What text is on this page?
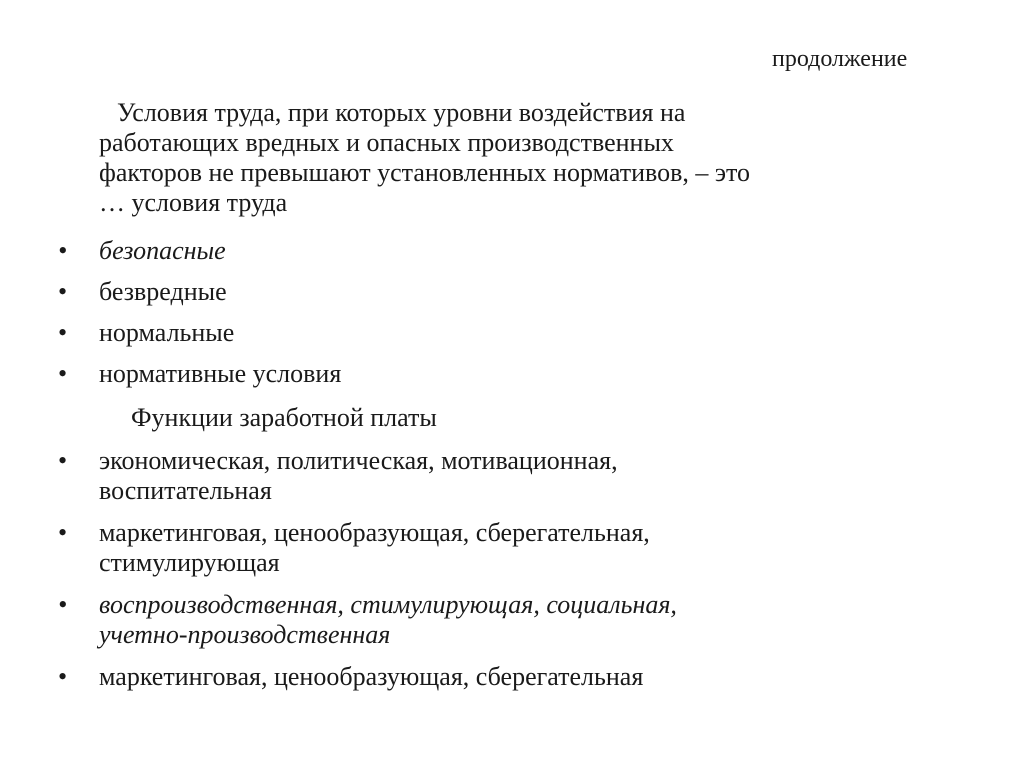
продолжение
Условия труда, при которых уровни воздействия на
работающих вредных и опасных производственных
факторов не превышают установленных нормативов, – это
… условия труда
•	безопасные
•	безвредные
•	нормальные
•	нормативные условия
Функции заработной платы
•	экономическая, политическая, мотивационная,
воспитательная
•	маркетинговая, ценообразующая, сберегательная,
стимулирующая
•	воспроизводственная, стимулирующая, социальная,
учетно-производственная
•	маркетинговая, ценообразующая, сберегательная
